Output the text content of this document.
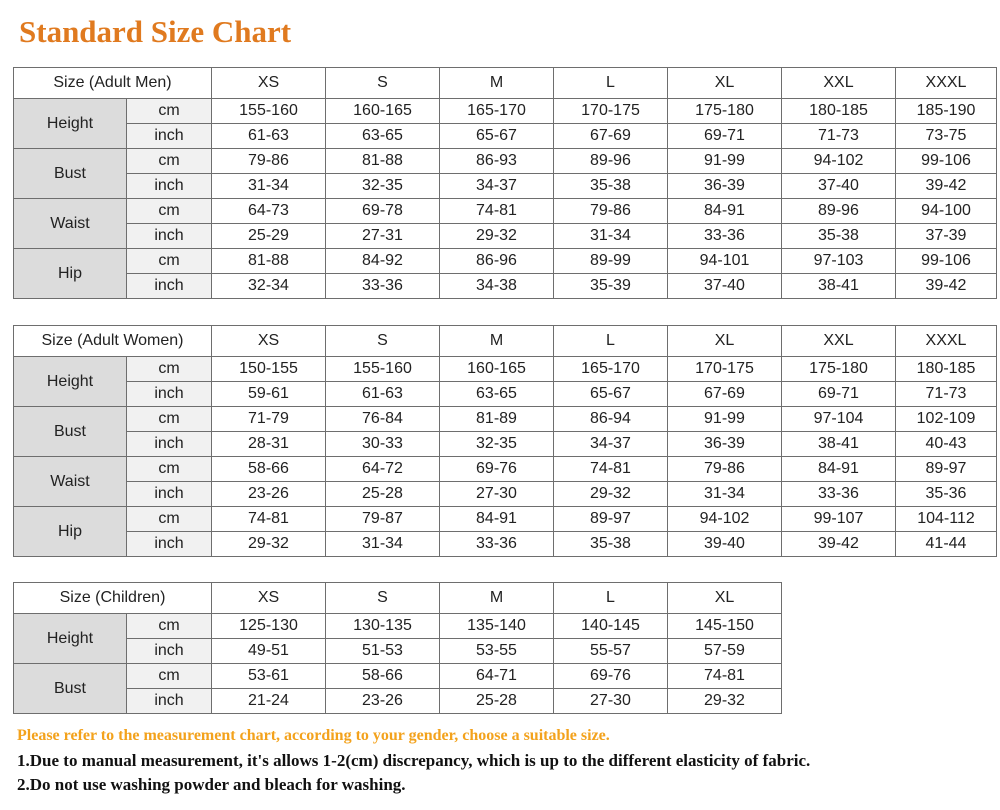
Standard Size Chart
Size (Adult Men)		XS	S	M	L	XL	XXL	XXXL
Height	cm	155-160	160-165	165-170	170-175	175-180	180-185	185-190
	inch	61-63	63-65	65-67	67-69	69-71	71-73	73-75
Bust	cm	79-86	81-88	86-93	89-96	91-99	94-102	99-106
	inch	31-34	32-35	34-37	35-38	36-39	37-40	39-42
Waist	cm	64-73	69-78	74-81	79-86	84-91	89-96	94-100
	inch	25-29	27-31	29-32	31-34	33-36	35-38	37-39
Hip	cm	81-88	84-92	86-96	89-99	94-101	97-103	99-106
	inch	32-34	33-36	34-38	35-39	37-40	38-41	39-42
Size (Adult Women)		XS	S	M	L	XL	XXL	XXXL
Height	cm	150-155	155-160	160-165	165-170	170-175	175-180	180-185
	inch	59-61	61-63	63-65	65-67	67-69	69-71	71-73
Bust	cm	71-79	76-84	81-89	86-94	91-99	97-104	102-109
	inch	28-31	30-33	32-35	34-37	36-39	38-41	40-43
Waist	cm	58-66	64-72	69-76	74-81	79-86	84-91	89-97
	inch	23-26	25-28	27-30	29-32	31-34	33-36	35-36
Hip	cm	74-81	79-87	84-91	89-97	94-102	99-107	104-112
	inch	29-32	31-34	33-36	35-38	39-40	39-42	41-44
Size (Children)		XS	S	M	L	XL
Height	cm	125-130	130-135	135-140	140-145	145-150
	inch	49-51	51-53	53-55	55-57	57-59
Bust	cm	53-61	58-66	64-71	69-76	74-81
	inch	21-24	23-26	25-28	27-30	29-32

Please refer to the measurement chart, according to your gender, choose a suitable size.

1.Due to manual measurement, it's allows 1-2(cm) discrepancy, which is up to the different elasticity of fabric.

2.Do not use washing powder and bleach for washing.
